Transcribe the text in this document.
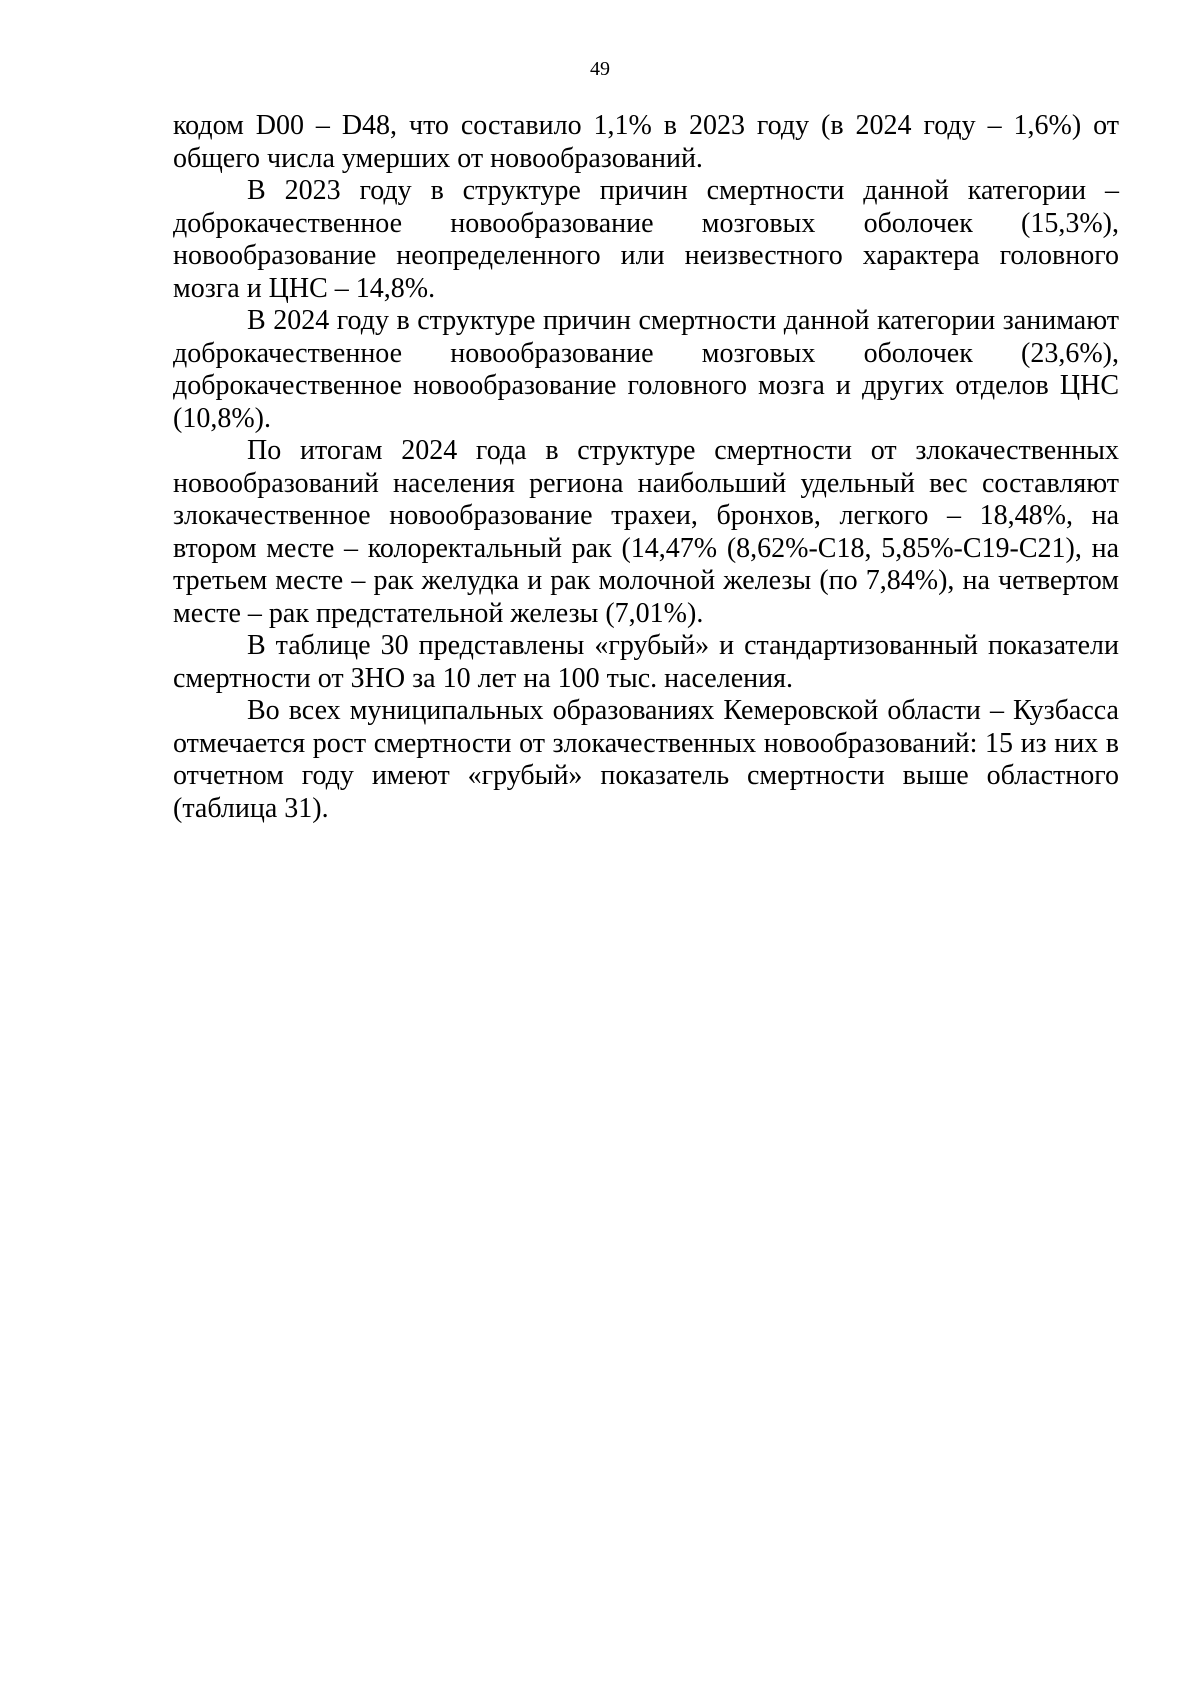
49

кодом D00 – D48, что составило 1,1% в 2023 году (в 2024 году – 1,6%) от общего числа умерших от новообразований.

В 2023 году в структуре причин смертности данной категории – доброкачественное новообразование мозговых оболочек (15,3%), новообразование неопределенного или неизвестного характера головного мозга и ЦНС – 14,8%.

В 2024 году в структуре причин смертности данной категории занимают доброкачественное новообразование мозговых оболочек (23,6%), доброкачественное новообразование головного мозга и других отделов ЦНС (10,8%).

По итогам 2024 года в структуре смертности от злокачественных новообразований населения региона наибольший удельный вес составляют злокачественное новообразование трахеи, бронхов, легкого – 18,48%, на втором месте – колоректальный рак (14,47% (8,62%-С18, 5,85%-С19-С21), на третьем месте – рак желудка и рак молочной железы (по 7,84%), на четвертом месте – рак предстательной железы (7,01%).

В таблице 30 представлены «грубый» и стандартизованный показатели смертности от ЗНО за 10 лет на 100 тыс. населения.

Во всех муниципальных образованиях Кемеровской области – Кузбасса отмечается рост смертности от злокачественных новообразований: 15 из них в отчетном году имеют «грубый» показатель смертности выше областного (таблица 31).
